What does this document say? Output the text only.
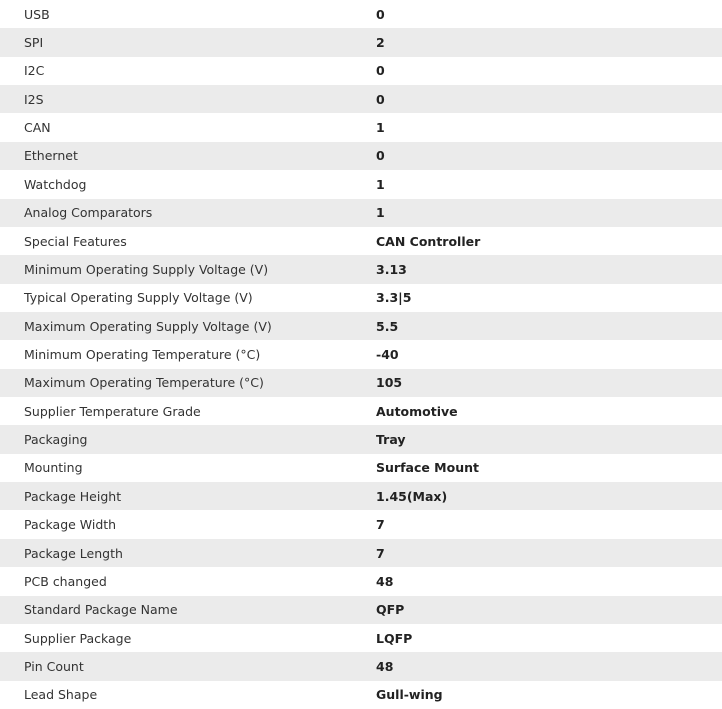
USB	0
SPI	2
I2C	0
I2S	0
CAN	1
Ethernet	0
Watchdog	1
Analog Comparators	1
Special Features	CAN Controller
Minimum Operating Supply Voltage (V)	3.13
Typical Operating Supply Voltage (V)	3.3|5
Maximum Operating Supply Voltage (V)	5.5
Minimum Operating Temperature (°C)	-40
Maximum Operating Temperature (°C)	105
Supplier Temperature Grade	Automotive
Packaging	Tray
Mounting	Surface Mount
Package Height	1.45(Max)
Package Width	7
Package Length	7
PCB changed	48
Standard Package Name	QFP
Supplier Package	LQFP
Pin Count	48
Lead Shape	Gull-wing
